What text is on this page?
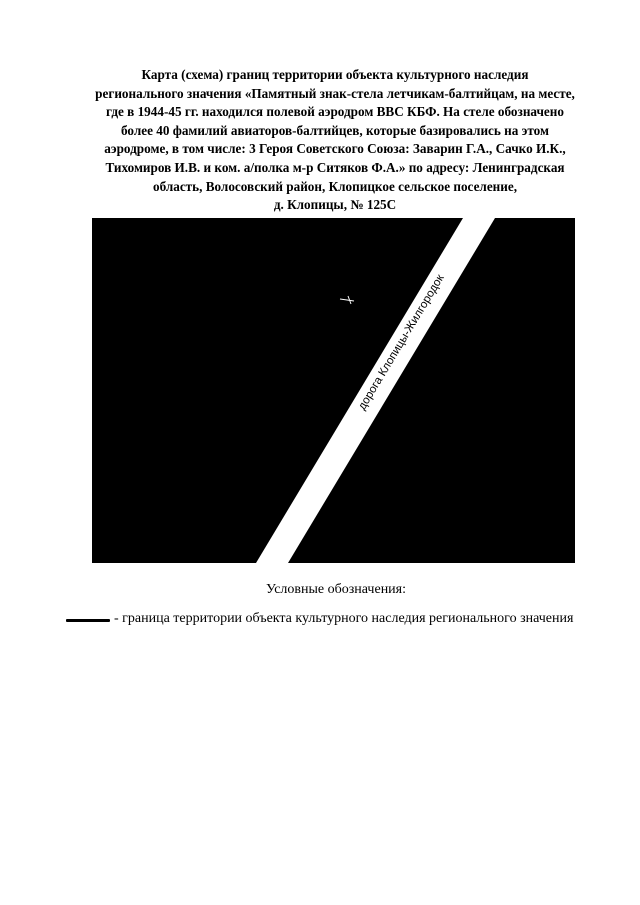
Карта (схема) границ территории объекта культурного наследия
регионального значения «Памятный знак-стела летчикам-балтийцам, на месте,
где в 1944-45 гг. находился полевой аэродром ВВС КБФ. На стеле обозначено
более 40 фамилий авиаторов-балтийцев, которые базировались на этом
аэродроме, в том числе: 3 Героя Советского Союза: Заварин Г.А., Сачко И.К.,
Тихомиров И.В. и ком. а/полка м-р Ситяков Ф.А.» по адресу: Ленинградская
область, Волосовский район, Клопицкое сельское поселение,
д. Клопицы, № 125С
дорога Клопицы-Жилгородок
Условные обозначения:
- граница территории объекта культурного наследия регионального значения
